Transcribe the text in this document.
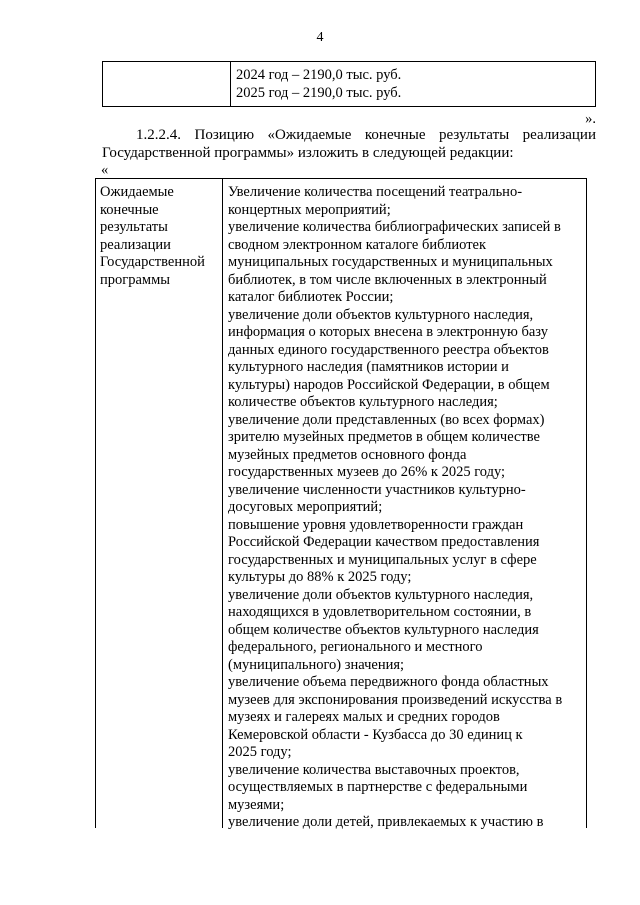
4
2024 год – 2190,0 тыс. руб.
2025 год – 2190,0 тыс. руб.
».

1.2.2.4. Позицию «Ожидаемые конечные результаты реализации
Государственной программы» изложить в следующей редакции:

«
Ожидаемые
конечные
результаты
реализации
Государственной
программы
Увеличение количества посещений театрально-
концертных мероприятий;
увеличение количества библиографических записей в
сводном электронном каталоге библиотек
муниципальных государственных и муниципальных
библиотек, в том числе включенных в электронный
каталог библиотек России;
увеличение доли объектов культурного наследия,
информация о которых внесена в электронную базу
данных единого государственного реестра объектов
культурного наследия (памятников истории и
культуры) народов Российской Федерации, в общем
количестве объектов культурного наследия;
увеличение доли представленных (во всех формах)
зрителю музейных предметов в общем количестве
музейных предметов основного фонда
государственных музеев до 26% к 2025 году;
увеличение численности участников культурно-
досуговых мероприятий;
повышение уровня удовлетворенности граждан
Российской Федерации качеством предоставления
государственных и муниципальных услуг в сфере
культуры до 88% к 2025 году;
увеличение доли объектов культурного наследия,
находящихся в удовлетворительном состоянии, в
общем количестве объектов культурного наследия
федерального, регионального и местного
(муниципального) значения;
увеличение объема передвижного фонда областных
музеев для экспонирования произведений искусства в
музеях и галереях малых и средних городов
Кемеровской области - Кузбасса до 30 единиц к
2025 году;
увеличение количества выставочных проектов,
осуществляемых в партнерстве с федеральными
музеями;
увеличение доли детей, привлекаемых к участию в
